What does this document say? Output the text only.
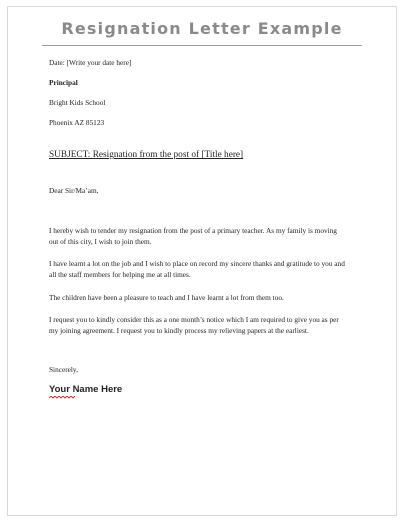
Resignation Letter Example
Date: [Write your date here]
Principal
Bright Kids School
Phoenix AZ 85123
SUBJECT: Resignation from the post of [Title here]
Dear Sir/Ma’am,
I hereby wish to tender my resignation from the post of a primary teacher. As my family is moving
out of this city, I wish to join them.
I have learnt a lot on the job and I wish to place on record my sincere thanks and gratitude to you and
all the staff members for helping me at all times.
The children have been a pleasure to teach and I have learnt a lot from them too.
I request you to kindly consider this as a one month’s notice which I am required to give you as per
my joining agreement. I request you to kindly process my relieving papers at the earliest.
Sincerely,
Your Name Here
